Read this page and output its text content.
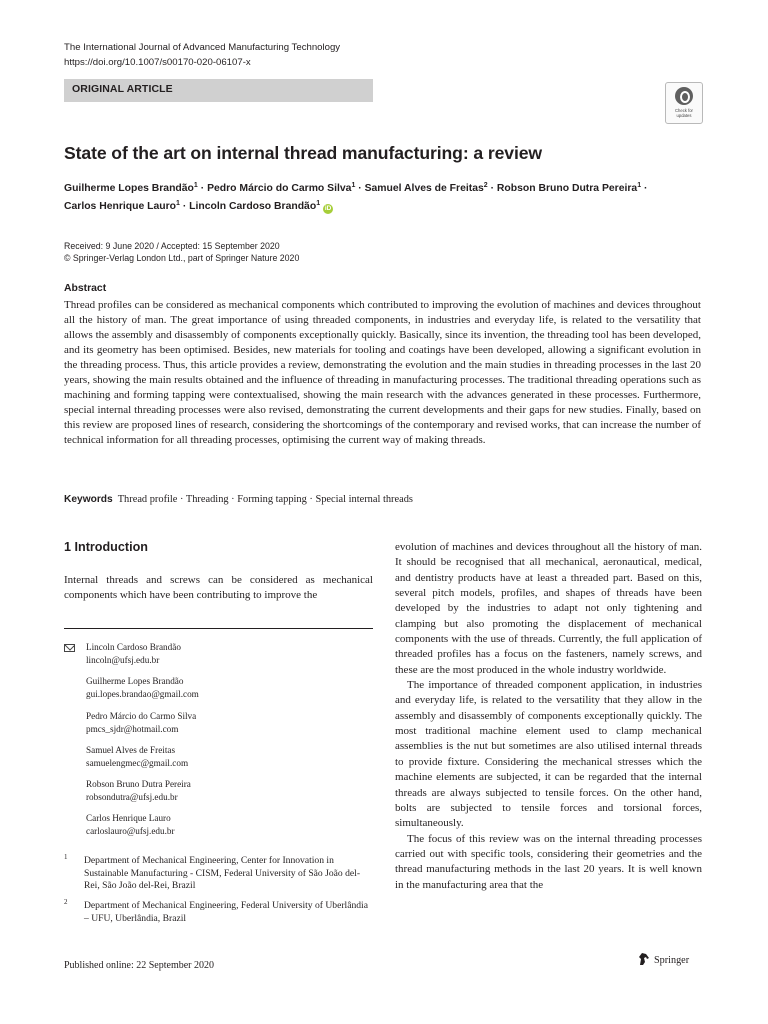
The International Journal of Advanced Manufacturing Technology
https://doi.org/10.1007/s00170-020-06107-x
ORIGINAL ARTICLE
Check for
updates
State of the art on internal thread manufacturing: a review
Guilherme Lopes Brandão$^1$ · Pedro Márcio do Carmo Silva$^1$ · Samuel Alves de Freitas$^2$ · Robson Bruno Dutra Pereira$^1$ ·
Carlos Henrique Lauro$^1$ · Lincoln Cardoso Brandão$^1$iD
Received: 9 June 2020 / Accepted: 15 September 2020
© Springer-Verlag London Ltd., part of Springer Nature 2020
Abstract

Thread profiles can be considered as mechanical components which contributed to improving the evolution of machines and devices throughout all the history of man. The great importance of using threaded components, in industries and everyday life, is related to the versatility that allows the assembly and disassembly of components exceptionally quickly. Basically, since its invention, the threading tool has been developed, and its geometry has been optimised. Besides, new materials for tooling and coatings have been developed, allowing a significant evolution in the threading process. Thus, this article provides a review, demonstrating the evolution and the main studies in threading processes in the last 20 years, showing the main results obtained and the influence of threading in manufacturing processes. The traditional threading operations such as machining and forming tapping were contextualised, showing the main research with the advances generated in these processes. Furthermore, special internal threading processes were also revised, demonstrating the current developments and their gaps for new studies. Finally, based on this review are proposed lines of research, considering the shortcomings of the contemporary and revised works, that can increase the number of technical information for all threading processes, optimising the current way of making threads.

Keywords Thread profile · Threading · Forming tapping · Special internal threads
1 Introduction

Internal threads and screws can be considered as mechanical components which have been contributing to improve the

Lincoln Cardoso Brandão
lincoln@ufsj.edu.br
Guilherme Lopes Brandão
gui.lopes.brandao@gmail.com
Pedro Márcio do Carmo Silva
pmcs_sjdr@hotmail.com
Samuel Alves de Freitas
samuelengmec@gmail.com
Robson Bruno Dutra Pereira
robsondutra@ufsj.edu.br
Carlos Henrique Lauro
carloslauro@ufsj.edu.br
1 Department of Mechanical Engineering, Center for Innovation in Sustainable Manufacturing - CISM, Federal University of São João del-Rei, São João del-Rei, Brazil

2 Department of Mechanical Engineering, Federal University of Uberlândia – UFU, Uberlândia, Brazil

Published online: 22 September 2020	Springer

evolution of machines and devices throughout all the history of man. It should be recognised that all mechanical, aeronautical, medical, and dentistry products have at least a threaded part. Based on this, several pitch models, profiles, and shapes of threads have been developed by the industries to adapt not only tightening and clamping but also promoting the displacement of mechanical components with the use of threads. Currently, the full application of threaded profiles has a focus on the fasteners, namely screws, and these are the most produced in the whole industry worldwide.

The importance of threaded component application, in industries and everyday life, is related to the versatility that they allow in the assembly and disassembly of components exceptionally quickly. The most traditional machine element used to clamp mechanical assemblies is the nut but sometimes are also utilised internal threads to provide fixture. Considering the mechanical stresses which the machine elements are subjected, it can be regarded that the internal threads are always subjected to tensile forces. On the other hand, bolts are subjected to tensile forces and torsional forces, simultaneously.

The focus of this review was on the internal threading processes carried out with specific tools, considering their geometries and the thread manufacturing methods in the last 20 years. It is well known in the manufacturing area that the
